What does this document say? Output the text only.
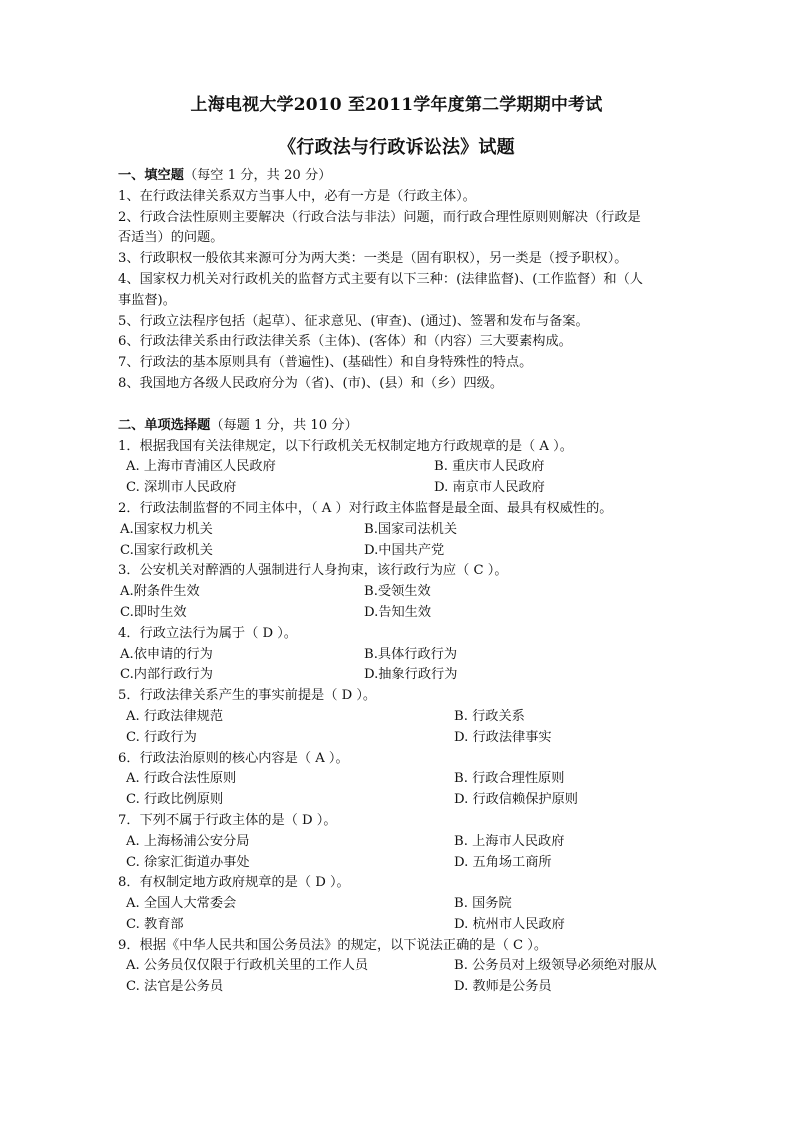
上海电视大学2010 至2011学年度第二学期期中考试
《行政法与行政诉讼法》试题
一、填空题（每空 1 分，共 20 分）
1、在行政法律关系双方当事人中，必有一方是（行政主体）。
2、行政合法性原则主要解决（行政合法与非法）问题，而行政合理性原则则解决（行政是
否适当）的问题。
3、行政职权一般依其来源可分为两大类：一类是（固有职权），另一类是（授予职权）。
4、国家权力机关对行政机关的监督方式主要有以下三种：(法律监督)、(工作监督）和（人
事监督)。
5、行政立法程序包括（起草）、征求意见、(审查)、(通过)、签署和发布与备案。
6、行政法律关系由行政法律关系（主体)、(客体）和（内容）三大要素构成。
7、行政法的基本原则具有（普遍性)、(基础性）和自身特殊性的特点。
8、我国地方各级人民政府分为（省)、(市)、(县）和（乡）四级。
二、单项选择题（每题 1 分，共 10 分）
1．根据我国有关法律规定，以下行政机关无权制定地方行政规章的是（ A ）。
A. 上海市青浦区人民政府	B. 重庆市人民政府
C. 深圳市人民政府	D. 南京市人民政府
2．行政法制监督的不同主体中，（ A ）对行政主体监督是最全面、最具有权威性的。
A.国家权力机关	B.国家司法机关
C.国家行政机关	D.中国共产党
3．公安机关对醉酒的人强制进行人身拘束，该行政行为应（ C ）。
A.附条件生效	B.受领生效
C.即时生效	D.告知生效
4．行政立法行为属于（ D ）。
A.依申请的行为	B.具体行政行为
C.内部行政行为	D.抽象行政行为
5．行政法律关系产生的事实前提是（ D ）。
A. 行政法律规范	B. 行政关系
C. 行政行为	D. 行政法律事实
6．行政法治原则的核心内容是（ A ）。
A. 行政合法性原则	B. 行政合理性原则
C. 行政比例原则	D. 行政信赖保护原则
7．下列不属于行政主体的是（ D ）。
A. 上海杨浦公安分局	B. 上海市人民政府
C. 徐家汇街道办事处	D. 五角场工商所
8．有权制定地方政府规章的是（ D ）。
A. 全国人大常委会	B. 国务院
C. 教育部	D. 杭州市人民政府
9．根据《中华人民共和国公务员法》的规定，以下说法正确的是（ C ）。
A. 公务员仅仅限于行政机关里的工作人员	B. 公务员对上级领导必须绝对服从
C. 法官是公务员	D. 教师是公务员
